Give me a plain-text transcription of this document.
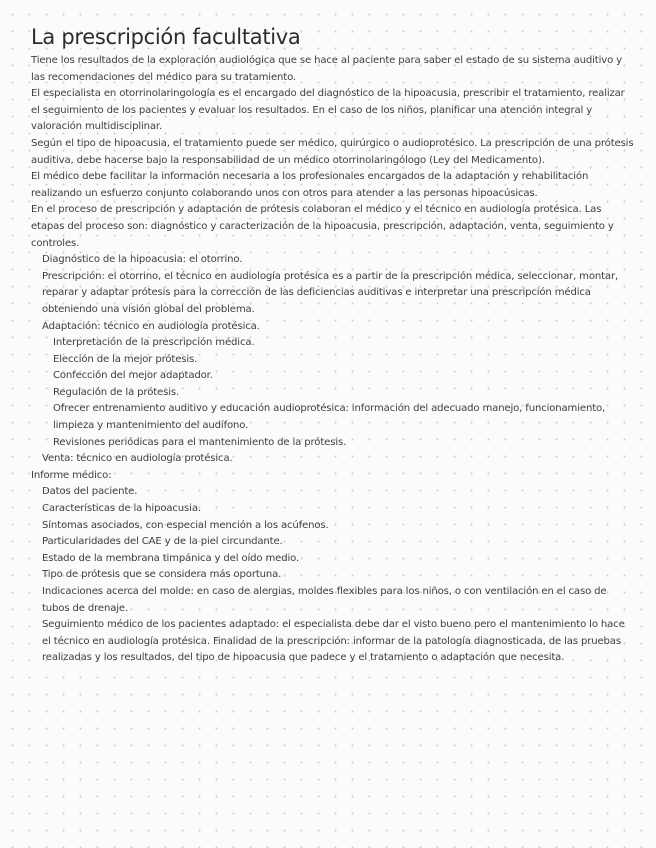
La prescripción facultativa

Tiene los resultados de la exploración audiológica que se hace al paciente para saber el estado de su sistema auditivo y las recomendaciones del médico para su tratamiento.

El especialista en otorrinolaringología es el encargado del diagnóstico de la hipoacusia, prescribir el tratamiento, realizar el seguimiento de los pacientes y evaluar los resultados. En el caso de los niños, planificar una atención integral y valoración multidisciplinar.

Según el tipo de hipoacusia, el tratamiento puede ser médico, quirúrgico o audioprotésico. La prescripción de una prótesis auditiva, debe hacerse bajo la responsabilidad de un médico otorrinolaringólogo (Ley del Medicamento).

El médico debe facilitar la información necesaria a los profesionales encargados de la adaptación y rehabilitación realizando un esfuerzo conjunto colaborando unos con otros para atender a las personas hipoacúsicas.

En el proceso de prescripción y adaptación de prótesis colaboran el médico y el técnico en audiología protésica. Las etapas del proceso son: diagnóstico y caracterización de la hipoacusia, prescripción, adaptación, venta, seguimiento y controles.

Diagnóstico de la hipoacusia: el otorrino.

Prescripción: el otorrino, el técnico en audiología protésica es a partir de la prescripción médica, seleccionar, montar, reparar y adaptar prótesis para la corrección de las deficiencias auditivas e interpretar una prescripción médica obteniendo una visión global del problema.

Adaptación: técnico en audiología protésica.

Interpretación de la prescripción médica.

Elección de la mejor prótesis.

Confección del mejor adaptador.

Regulación de la prótesis.

Ofrecer entrenamiento auditivo y educación audioprotésica: información del adecuado manejo, funcionamiento, limpieza y mantenimiento del audífono.

Revisiones periódicas para el mantenimiento de la prótesis.

Venta: técnico en audiología protésica.

Informe médico:

Datos del paciente.

Características de la hipoacusia.

Síntomas asociados, con especial mención a los acúfenos.

Particularidades del CAE y de la piel circundante.

Estado de la membrana timpánica y del oído medio.

Tipo de prótesis que se considera más oportuna.

Indicaciones acerca del molde: en caso de alergias, moldes flexibles para los niños, o con ventilación en el caso de tubos de drenaje.

Seguimiento médico de los pacientes adaptado: el especialista debe dar el visto bueno pero el mantenimiento lo hace el técnico en audiología protésica. Finalidad de la prescripción: informar de la patología diagnosticada, de las pruebas realizadas y los resultados, del tipo de hipoacusia que padece y el tratamiento o adaptación que necesita.
